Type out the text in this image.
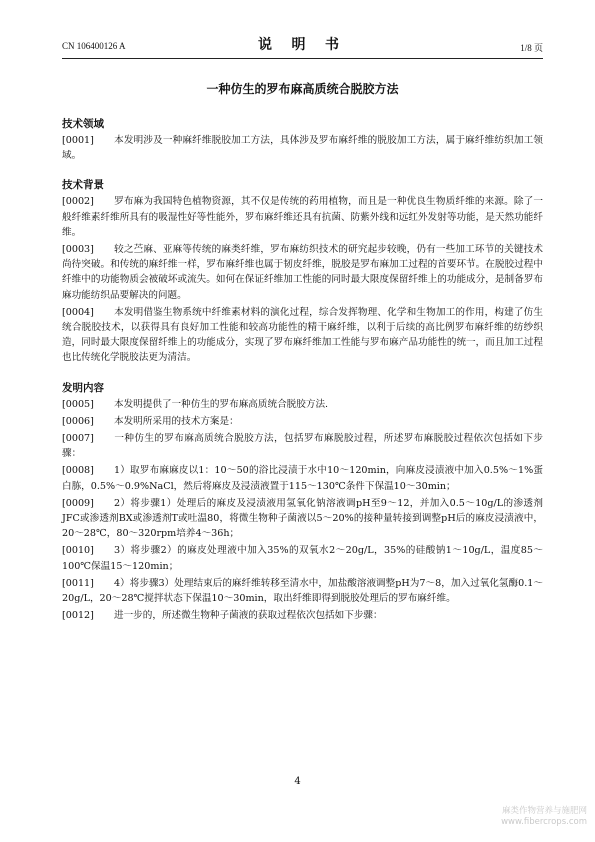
CN 106400126 A	说 明 书	1/8 页
一种仿生的罗布麻高质统合脱胶方法
技术领域
[0001] 本发明涉及一种麻纤维脱胶加工方法，具体涉及罗布麻纤维的脱胶加工方法，属于麻纤维纺织加工领域。
技术背景
[0002] 罗布麻为我国特色植物资源，其不仅是传统的药用植物，而且是一种优良生物质纤维的来源。除了一般纤维素纤维所具有的吸湿性好等性能外，罗布麻纤维还具有抗菌、防紫外线和远红外发射等功能，是天然功能纤维。
[0003] 较之苎麻、亚麻等传统的麻类纤维，罗布麻纺织技术的研究起步较晚，仍有一些加工环节的关键技术尚待突破。和传统的麻纤维一样，罗布麻纤维也属于韧皮纤维，脱胶是罗布麻加工过程的首要环节。在脱胶过程中纤维中的功能物质会被破坏或流失。如何在保证纤维加工性能的同时最大限度保留纤维上的功能成分，是制备罗布麻功能纺织品要解决的问题。
[0004] 本发明借鉴生物系统中纤维素材料的演化过程，综合发挥物理、化学和生物加工的作用，构建了仿生统合脱胶技术，以获得具有良好加工性能和较高功能性的精干麻纤维，以利于后续的高比例罗布麻纤维的纺纱织造，同时最大限度保留纤维上的功能成分，实现了罗布麻纤维加工性能与罗布麻产品功能性的统一，而且加工过程也比传统化学脱胶法更为清洁。
发明内容
[0005] 本发明提供了一种仿生的罗布麻高质统合脱胶方法.
[0006] 本发明所采用的技术方案是：
[0007] 一种仿生的罗布麻高质统合脱胶方法，包括罗布麻脱胶过程，所述罗布麻脱胶过程依次包括如下步骤：
[0008] 1）取罗布麻麻皮以1：10～50的浴比浸渍于水中10～120min，向麻皮浸渍液中加入0.5%～1%蛋白胨，0.5%～0.9%NaCl，然后将麻皮及浸渍液置于115～130℃条件下保温10～30min；
[0009] 2）将步骤1）处理后的麻皮及浸渍液用氢氧化钠溶液调pH至9～12，并加入0.5～10g/L的渗透剂JFC或渗透剂BX或渗透剂T或吐温80，将微生物种子菌液以5～20%的接种量转接到调整pH后的麻皮浸渍液中，20～28℃，80～320rpm培养4～36h；
[0010] 3）将步骤2）的麻皮处理液中加入35%的双氧水2～20g/L，35%的硅酸钠1～10g/L，温度85～100℃保温15～120min；
[0011] 4）将步骤3）处理结束后的麻纤维转移至清水中，加盐酸溶液调整pH为7～8，加入过氧化氢酶0.1～20g/L，20～28℃搅拌状态下保温10～30min，取出纤维即得到脱胶处理后的罗布麻纤维。
[0012] 进一步的，所述微生物种子菌液的获取过程依次包括如下步骤：
4
麻类作物营养与施肥网
www.fibercrops.com
